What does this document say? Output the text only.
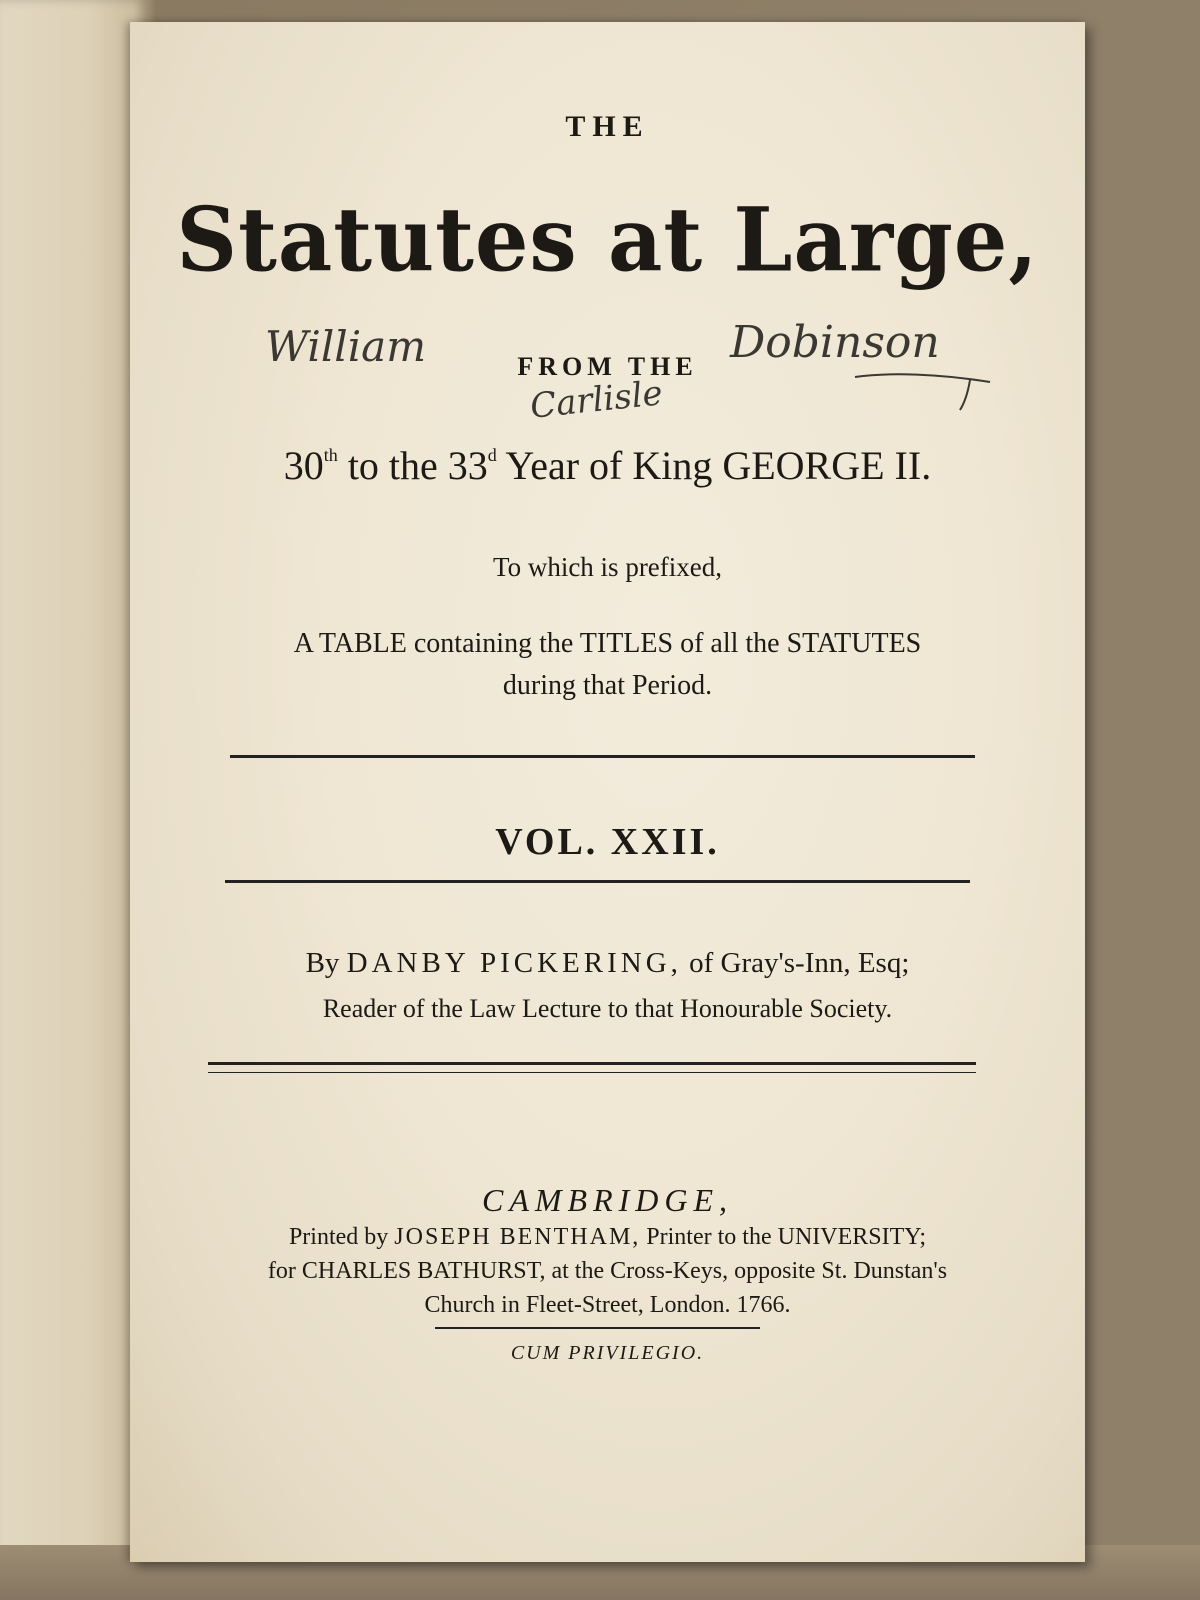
THE
Statutes at Large,
FROM THE
William	Dobinson
Carlisle
30th to the 33$^d$ Year of King GEORGE II.
To which is prefixed,
A TABLE containing the TITLES of all the STATUTES
during that Period.
VOL. XXII.
By DANBY PICKERING, of Gray's-Inn, Esq;
Reader of the Law Lecture to that Honourable Society.
CAMBRIDGE,
Printed by JOSEPH BENTHAM, Printer to the UNIVERSITY;
for CHARLES BATHURST, at the Cross-Keys, opposite St. Dunstan's
Church in Fleet-Street, London. 1766.
CUM PRIVILEGIO.
